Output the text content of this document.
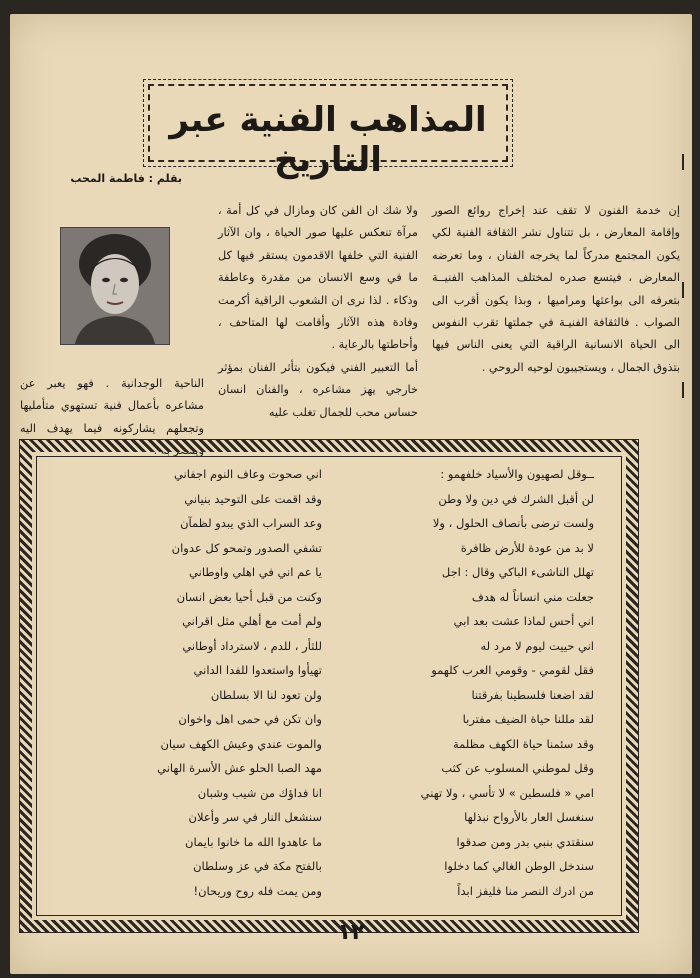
المذاهب الفنية عبر التاريخ
بقلم : فاطمة المحب

إن خدمة الفنون لا تقف عند إخراج روائع الصور وإقامة المعارض ، بل تتناول نشر الثقافة الفنية لكي يكون المجتمع مدركاً لما يخرجه الفنان ، وما تعرضه المعارض ، فيتسع صدره لمختلف المذاهب الفنيــة بتعرفه الى بواعثها ومراميها ، وبذا يكون أقرب الى الصواب . فالثقافة الفنيـة في جملتها تقرب النفوس الى الحياة الانسانية الراقية التي يعنى الناس فيها بتذوق الجمال ، ويستجيبون لوحيه الروحي .

ولا شك ان الفن كان ومازال في كل أمة ، مرآة تنعكس عليها صور الحياة ، وان الآثار الفنية التي خلفها الاقدمون يستقر فيها كل ما في وسع الانسان من مقدرة وعاطفة وذكاء . لذا نرى ان الشعوب الراقية أكرمت وفادة هذه الآثار وأقامت لها المتاحف ، وأحاطتها بالرعاية .

أما التعبير الفني فيكون بتأثر الفنان بمؤثر خارجي يهز مشاعره ، والفنان انسان حساس محب للجمال تغلب عليه

الناحية الوجدانية . فهو يعبر عن مشاعره بأعمال فنية تستهوي متأمليها وتجعلهم يشاركونه فيما يهدف اليه ويشعر به .

ــوقل لصهيون والأسياد خلفهمو :
لن أقبل الشرك في دين ولا وطن
ولست ترضى بأنصاف الحلول ، ولا
لا بد من عودة للأرض ظافرة
تهلل الناشىء الباكي وقال : اجل
جعلت مني انساناً له هدف
اني أحس لماذا عشت بعد ابي
اني حييت ليوم لا مرد له
فقل لقومي - وقومي العرب كلهمو
لقد اضعنا فلسطينا بفرقتنا
لقد مللنا حياة الضيف مفتربا
وقد سئمنا حياة الكهف مظلمة
وقل لموطني المسلوب عن كثب
امي « فلسطين » لا تأسي ، ولا تهني
سنغسل العار بالأرواح نبذلها
سنقتدي بنبي بدر ومن صدقوا
سندخل الوطن الغالي كما دخلوا
من ادرك النصر منا فليفز ابداً
اني صحوت وعاف النوم اجفاني
وقد اقمت على التوحيد بنياني
وعد السراب الذي يبدو لظمآن
تشفي الصدور وتمحو كل عدوان
يا عم اني في اهلي واوطاني
وكنت من قبل أحيا بعض انسان
ولم أمت مع أهلي مثل اقراني
للثأر ، للدم ، لاسترداد أوطاني
تهيأوا واستعدوا للفدا الداني
ولن تعود لنا الا بسلطان
وان تكن في حمى اهل واخوان
والموت عندي وعيش الكهف سيان
مهد الصبا الحلو عش الأسرة الهاني
انا فداؤك من شيب وشبان
سنشعل النار في سر وأعلان
ما عاهدوا الله ما خانوا بايمان
بالفتح مكة في عز وسلطان
ومن يمت فله روح وريحان!
١٢
